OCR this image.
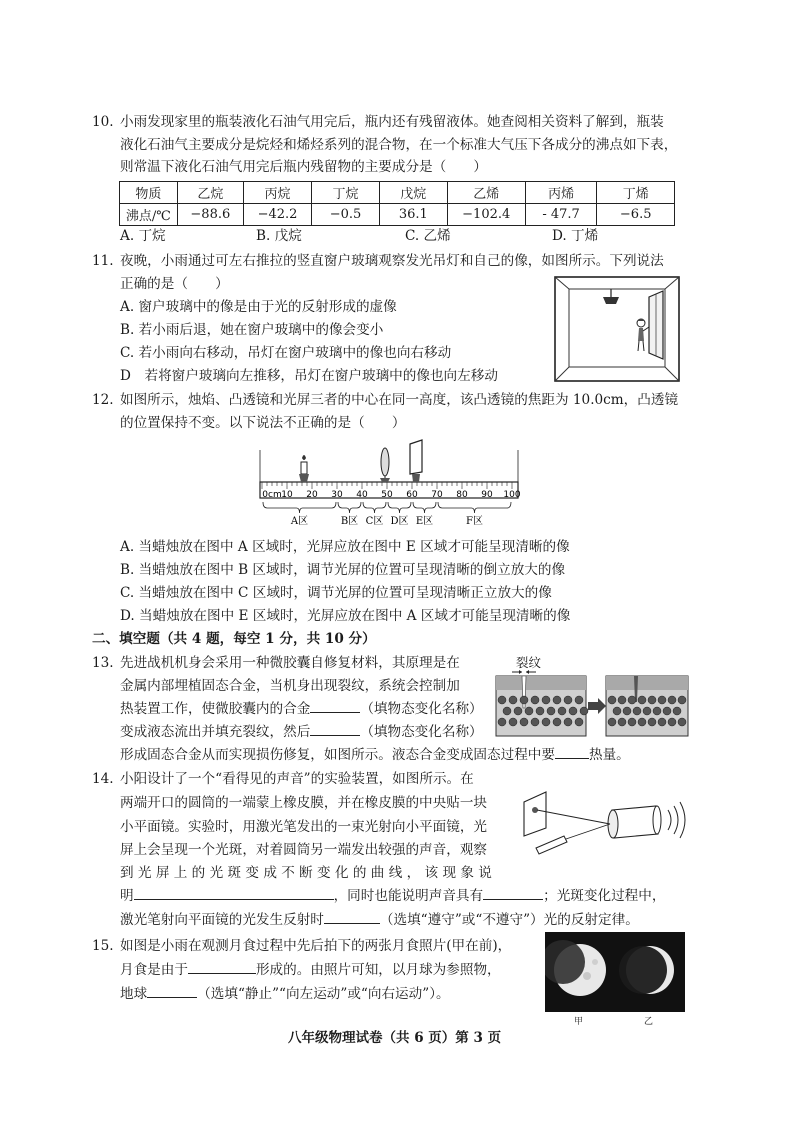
10. 小雨发现家里的瓶装液化石油气用完后，瓶内还有残留液体。她查阅相关资料了解到，瓶装
液化石油气主要成分是烷烃和烯烃系列的混合物，在一个标准大气压下各成分的沸点如下表，
则常温下液化石油气用完后瓶内残留物的主要成分是（　　）
物质	乙烷	丙烷	丁烷	戊烷	乙烯	丙烯	丁烯
沸点/℃	−88.6	−42.2	−0.5	36.1	−102.4	- 47.7	−6.5
A. 丁烷	B. 戊烷	C. 乙烯	D. 丁烯
11. 夜晚，小雨通过可左右推拉的竖直窗户玻璃观察发光吊灯和自己的像，如图所示。下列说法
正确的是（　　）
A. 窗户玻璃中的像是由于光的反射形成的虚像
B. 若小雨后退，她在窗户玻璃中的像会变小
C. 若小雨向右移动，吊灯在窗户玻璃中的像也向右移动
D　若将窗户玻璃向左推移，吊灯在窗户玻璃中的像也向左移动
12. 如图所示，烛焰、凸透镜和光屏三者的中心在同一高度，该凸透镜的焦距为 10.0cm，凸透镜
的位置保持不变。以下说法不正确的是（　　）
0cm 10 20 30 40 50 60 70 80 90 100
A区	B区 C区 D区 E区	F区
A. 当蜡烛放在图中 A 区域时，光屏应放在图中 E 区域才可能呈现清晰的像
B. 当蜡烛放在图中 B 区域时，调节光屏的位置可呈现清晰的倒立放大的像
C. 当蜡烛放在图中 C 区域时，调节光屏的位置可呈现清晰正立放大的像
D. 当蜡烛放在图中 E 区域时，光屏应放在图中 A 区域才可能呈现清晰的像
二、填空题（共 4 题，每空 1 分，共 10 分）
13. 先进战机机身会采用一种微胶囊自修复材料，其原理是在
金属内部埋植固态合金，当机身出现裂纹，系统会控制加
热装置工作，使微胶囊内的合金	（填物态变化名称）
变成液态流出并填充裂纹，然后	（填物态变化名称）
形成固态合金从而实现损伤修复，如图所示。液态合金变成固态过程中要	热量。
裂纹
14. 小阳设计了一个“看得见的声音”的实验装置，如图所示。在
两端开口的圆筒的一端蒙上橡皮膜，并在橡皮膜的中央贴一块
小平面镜。实验时，用激光笔发出的一束光射向小平面镜，光
屏上会呈现一个光斑，对着圆筒另一端发出较强的声音，观察
到 光 屏 上 的 光 斑 变 成 不 断 变 化 的 曲 线 ， 该 现 象 说
明	，同时也能说明声音具有	；光斑变化过程中，
激光笔射向平面镜的光发生反射时	（选填“遵守”或“不遵守”）光的反射定律。
15. 如图是小雨在观测月食过程中先后拍下的两张月食照片(甲在前)，
月食是由于	形成的。由照片可知，以月球为参照物，
地球	（选填“静止”“向左运动”或“向右运动”）。
甲	乙
八年级物理试卷（共 6 页）第 3 页
